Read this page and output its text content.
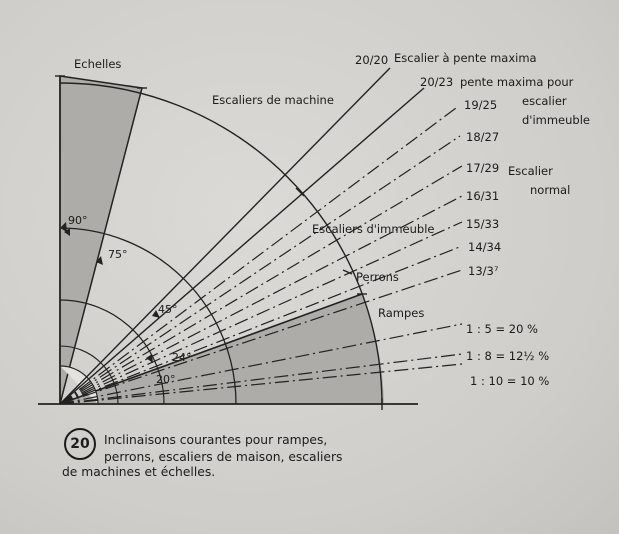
Echelles
Escaliers de machine
Escaliers d'immeuble
Perrons
Rampes
90°
75°
45°
24°
20°
20/20 Escalier à pente maxima
20/23 pente maxima pour
19/25 escalier
18/27
d'immeuble
17/29 Escalier
16/31	normal
15/33
14/34
13/3⁷
1 : 5 = 20 %
1 : 8 = 12½ %
1 : 10 = 10 %
20	Inclinaisons courantes pour rampes,
perrons, escaliers de maison, escaliers
de machines et échelles.
